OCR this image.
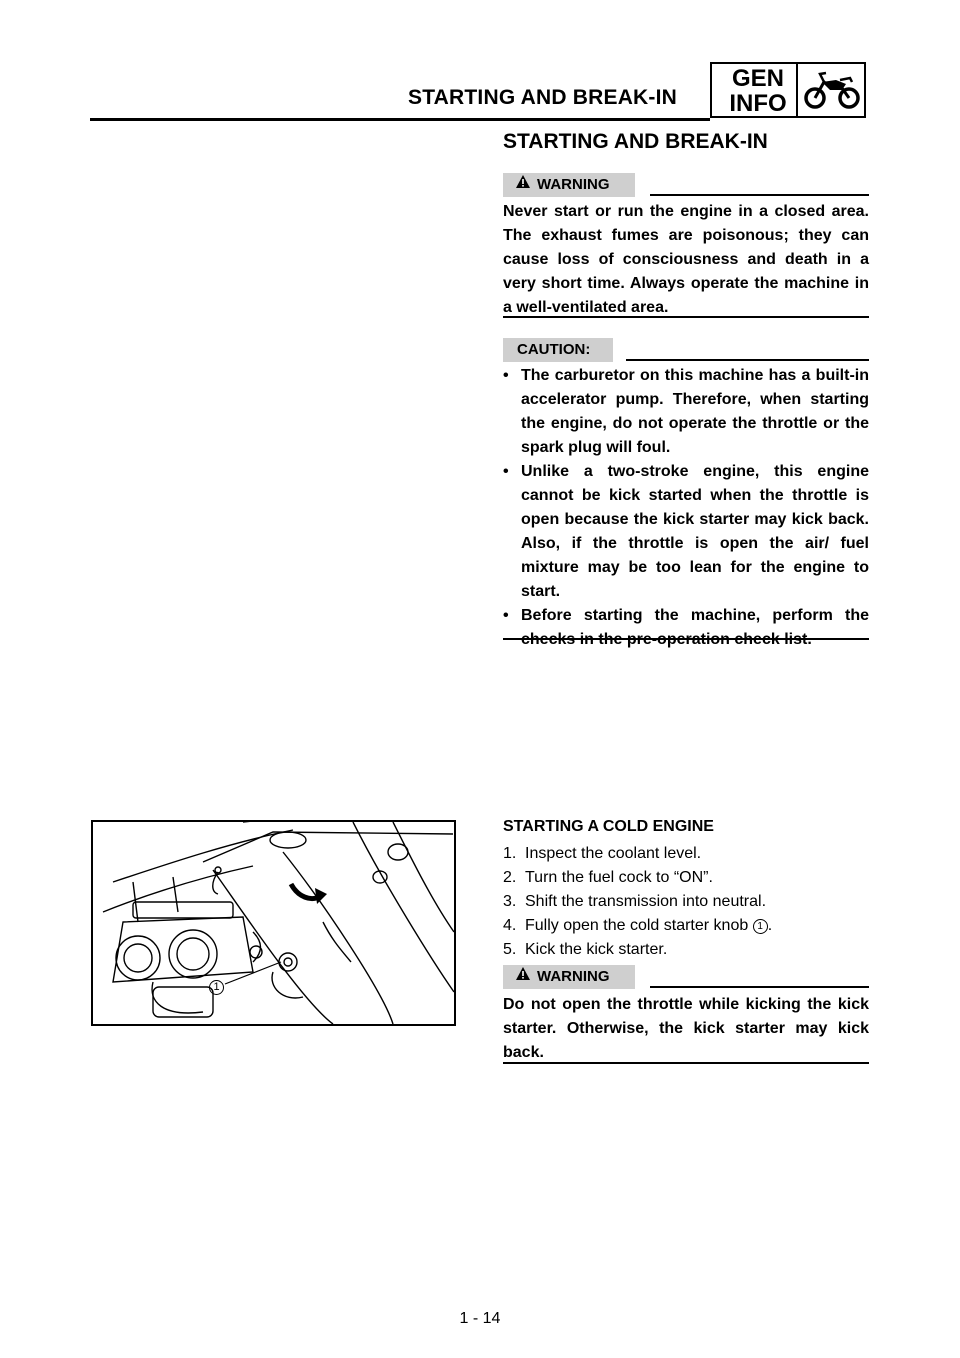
STARTING AND BREAK-IN
GEN
INFO
STARTING AND BREAK-IN
WARNING
Never start or run the engine in a closed area. The exhaust fumes are poisonous; they can cause loss of consciousness and death in a very short time. Always operate the machine in a well-ventilated area.
CAUTION:
• The carburetor on this machine has a built-in accelerator pump. Therefore, when starting the engine, do not operate the throttle or the spark plug will foul.
• Unlike a two-stroke engine, this engine cannot be kick started when the throttle is open because the kick starter may kick back. Also, if the throttle is open the air/ fuel mixture may be too lean for the engine to start.
• Before starting the machine, perform the
1
STARTING A COLD ENGINE
1. Inspect the coolant level.
2. Turn the fuel cock to “ON”.
3. Shift the transmission into neutral.
4. Fully open the cold starter knob 1 .
5. Kick the kick starter.
WARNING
Do not open the throttle while kicking the kick starter. Otherwise, the kick starter may kick back.
1 - 14
